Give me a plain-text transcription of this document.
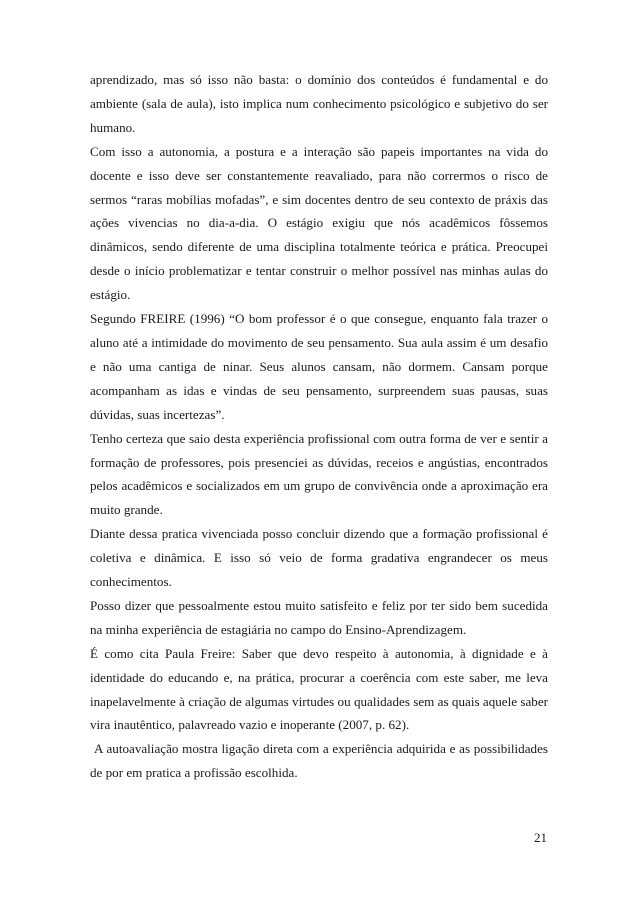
aprendizado, mas só isso não basta: o domínio dos conteúdos é fundamental e do ambiente (sala de aula), isto implica num conhecimento psicológico e subjetivo do ser humano.

Com isso a autonomia, a postura e a interação são papeis importantes na vida do docente e isso deve ser constantemente reavaliado, para não corrermos o risco de sermos “raras mobílias mofadas”, e sim docentes dentro de seu contexto de práxis das ações vivencias no dia-a-dia. O estágio exigiu que nós acadêmicos fôssemos dinâmicos, sendo diferente de uma disciplina totalmente teórica e prática. Preocupei desde o início problematizar e tentar construir o melhor possível nas minhas aulas do estágio.

Segundo FREIRE (1996) “O bom professor é o que consegue, enquanto fala trazer o aluno até a intimidade do movimento de seu pensamento. Sua aula assim é um desafio e não uma cantiga de ninar. Seus alunos cansam, não dormem. Cansam porque acompanham as idas e vindas de seu pensamento, surpreendem suas pausas, suas dúvidas, suas incertezas”.

Tenho certeza que saio desta experiência profissional com outra forma de ver e sentir a formação de professores, pois presenciei as dúvidas, receios e angústias, encontrados pelos acadêmicos e socializados em um grupo de convivência onde a aproximação era muito grande.

Diante dessa pratica vivenciada posso concluir dizendo que a formação profissional é coletiva e dinâmica. E isso só veio de forma gradativa engrandecer os meus conhecimentos.

Posso dizer que pessoalmente estou muito satisfeito e feliz por ter sido bem sucedida na minha experiência de estagiária no campo do Ensino-Aprendizagem.

É como cita Paula Freire: Saber que devo respeito à autonomia, à dignidade e à identidade do educando e, na prática, procurar a coerência com este saber, me leva inapelavelmente à criação de algumas virtudes ou qualidades sem as quais aquele saber vira inautêntico, palavreado vazio e inoperante (2007, p. 62).

A autoavaliação mostra ligação direta com a experiência adquirida e as possibilidades de por em pratica a profissão escolhida.

21
